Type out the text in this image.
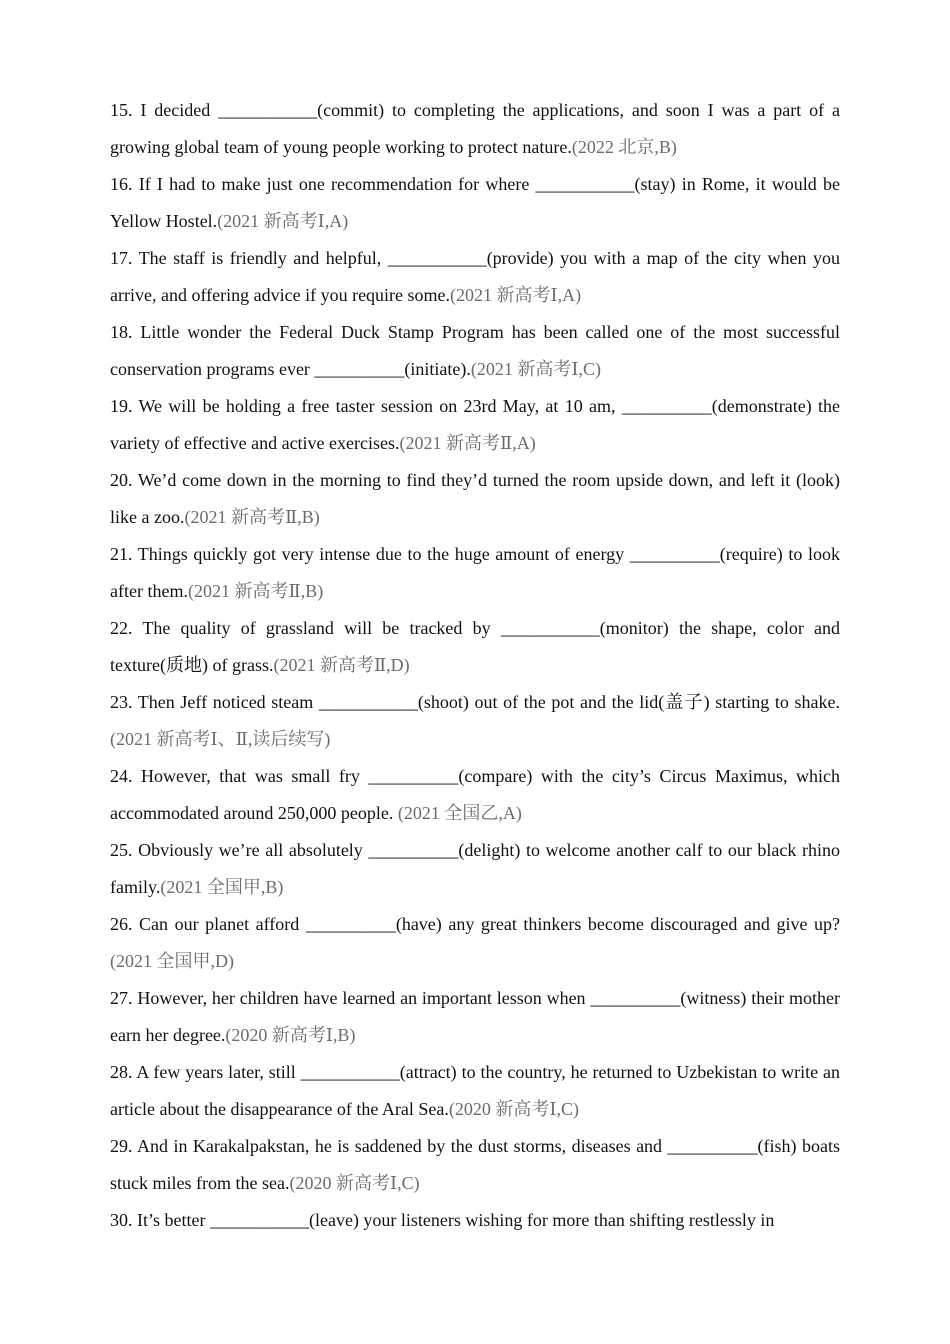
15. I decided ___________(commit) to completing the applications, and soon I was a part of a growing global team of young people working to protect nature.(2022 北京,B)

16. If I had to make just one recommendation for where ___________(stay) in Rome, it would be Yellow Hostel.(2021 新高考Ⅰ,A)

17. The staff is friendly and helpful, ___________(provide) you with a map of the city when you arrive, and offering advice if you require some.(2021 新高考Ⅰ,A)

18. Little wonder the Federal Duck Stamp Program has been called one of the most successful conservation programs ever __________(initiate).(2021 新高考Ⅰ,C)

19. We will be holding a free taster session on 23rd May, at 10 am, __________(demonstrate) the variety of effective and active exercises.(2021 新高考Ⅱ,A)

20. We’d come down in the morning to find they’d turned the room upside down, and left it (look) like a zoo.(2021 新高考Ⅱ,B)

21. Things quickly got very intense due to the huge amount of energy __________(require) to look after them.(2021 新高考Ⅱ,B)

22. The quality of grassland will be tracked by ___________(monitor) the shape, color and texture(质地) of grass.(2021 新高考Ⅱ,D)

23. Then Jeff noticed steam ___________(shoot) out of the pot and the lid(盖子) starting to shake.(2021 新高考Ⅰ、Ⅱ,读后续写)

24. However, that was small fry __________(compare) with the city’s Circus Maximus, which accommodated around 250,000 people. (2021 全国乙,A)

25. Obviously we’re all absolutely __________(delight) to welcome another calf to our black rhino family.(2021 全国甲,B)

26. Can our planet afford __________(have) any great thinkers become discouraged and give up?(2021 全国甲,D)

27. However, her children have learned an important lesson when __________(witness) their mother earn her degree.(2020 新高考Ⅰ,B)

28. A few years later, still ___________(attract) to the country, he returned to Uzbekistan to write an article about the disappearance of the Aral Sea.(2020 新高考Ⅰ,C)

29. And in Karakalpakstan, he is saddened by the dust storms, diseases and __________(fish) boats stuck miles from the sea.(2020 新高考Ⅰ,C)

30. It’s better ___________(leave) your listeners wishing for more than shifting restlessly in
